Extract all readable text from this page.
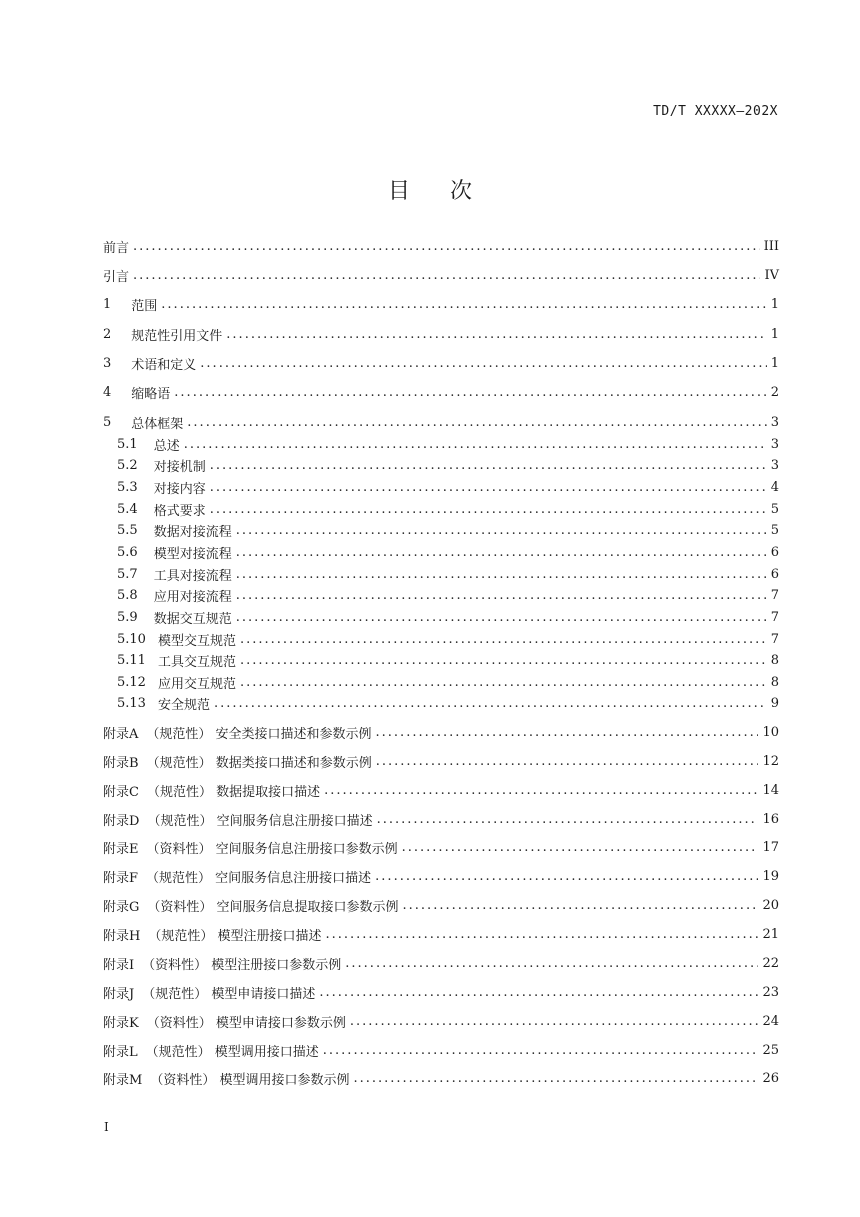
TD/T XXXXX—202X
目次
前言 .....	III
引言 .....	IV
1 范围 .....	1
2 规范性引用文件 .....	1
3 术语和定义 .....	1
4 缩略语 .....	2
5 总体框架 .....	3
5.1 总述 .....	3
5.2 对接机制 .....	3
5.3 对接内容 .....	4
5.4 格式要求 .....	5
5.5 数据对接流程 .....	5
5.6 模型对接流程 .....	6
5.7 工具对接流程 .....	6
5.8 应用对接流程 .....	7
5.9 数据交互规范 .....	7
5.10 模型交互规范 .....	7
5.11 工具交互规范 .....	8
5.12 应用交互规范 .....	8
5.13 安全规范 .....	9
附录A （规范性） 安全类接口描述和参数示例 .....	10
附录B （规范性） 数据类接口描述和参数示例 .....	12
附录C （规范性） 数据提取接口描述 .....	14
附录D （规范性） 空间服务信息注册接口描述 .....	16
附录E （资料性） 空间服务信息注册接口参数示例 .....	17
附录F （规范性） 空间服务信息注册接口描述 .....	19
附录G （资料性） 空间服务信息提取接口参数示例 .....	20
附录H （规范性） 模型注册接口描述 .....	21
附录I （资料性） 模型注册接口参数示例 .....	22
附录J （规范性） 模型申请接口描述 .....	23
附录K （资料性） 模型申请接口参数示例 .....	24
附录L （规范性） 模型调用接口描述 .....	25
附录M （资料性） 模型调用接口参数示例 .....	26
I
